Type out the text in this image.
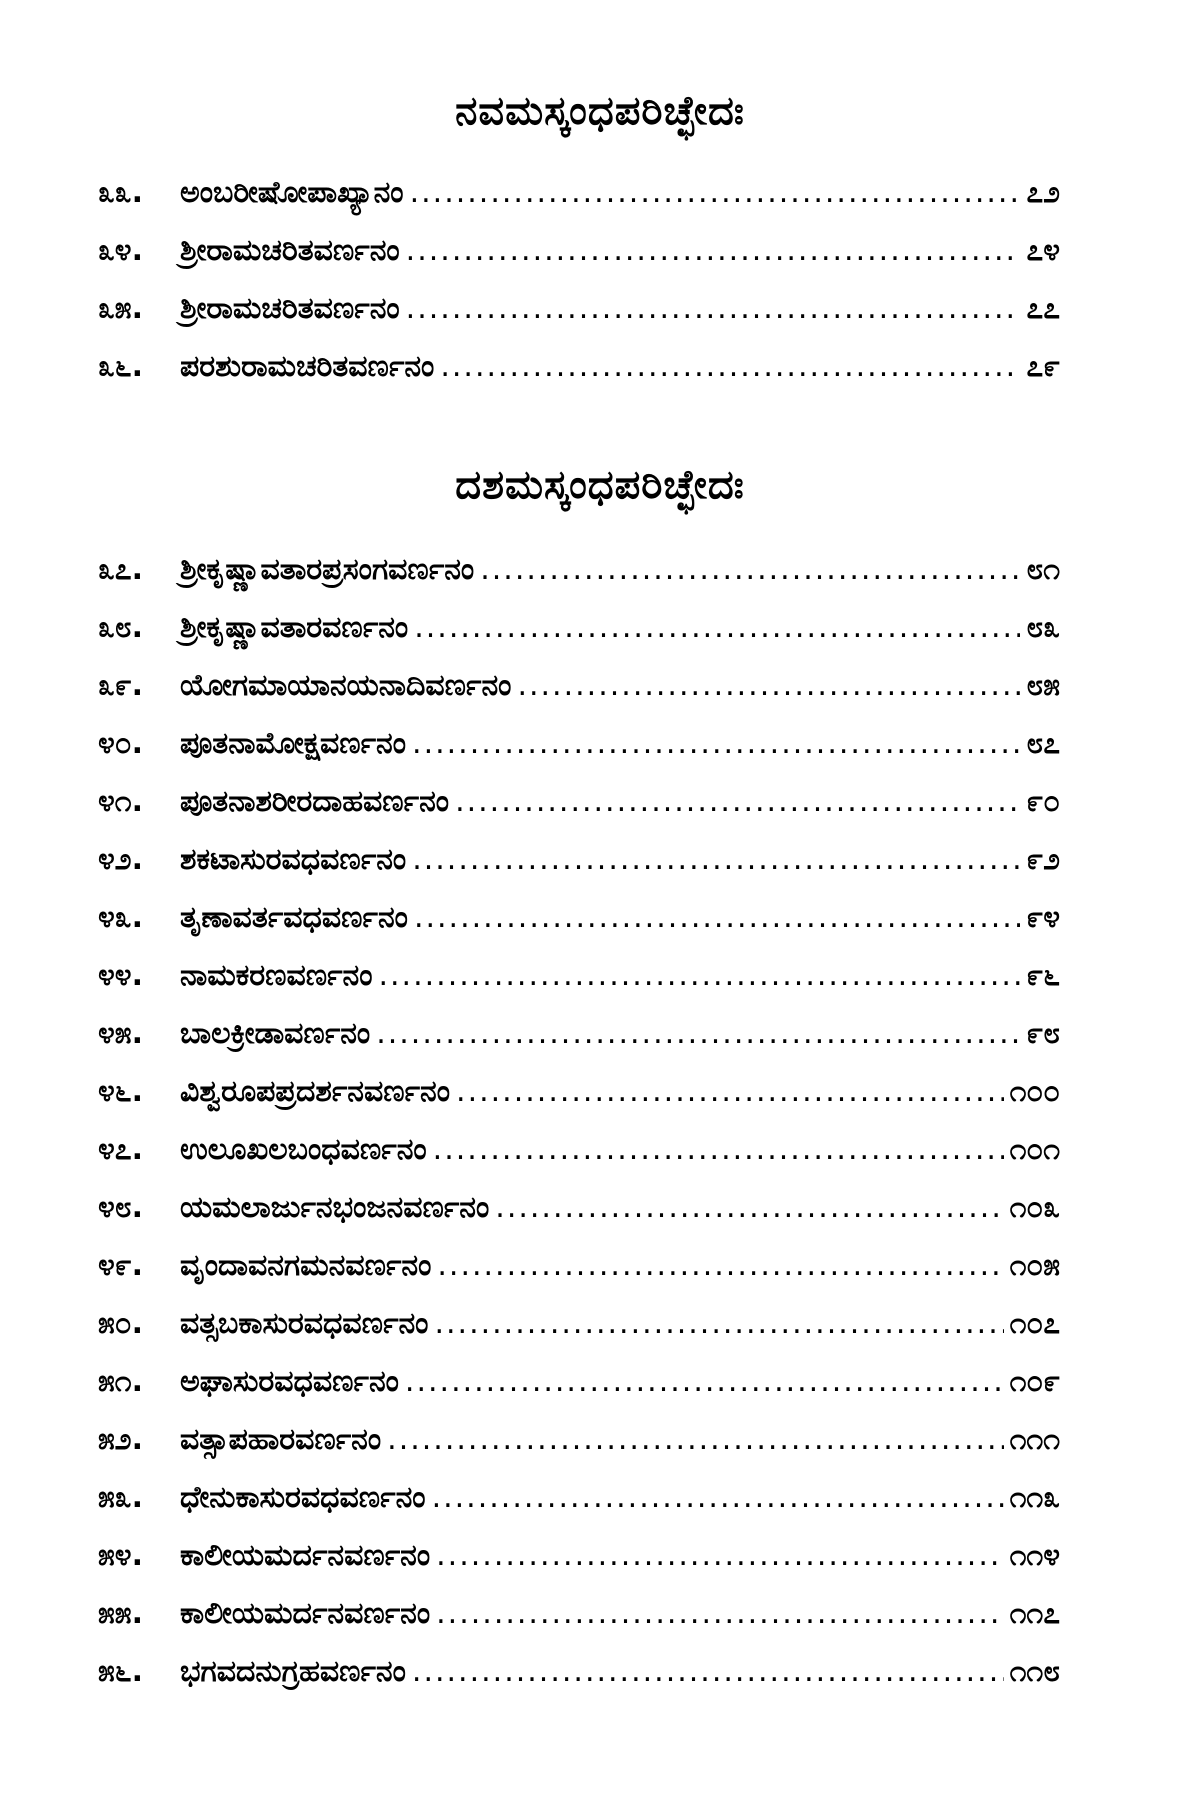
ನವಮಸ್ಕಂಧಪರಿಚ್ಛೇದಃ
೩೩.	ಅಂಬರೀಷೋಪಾಖ್ಯಾನಂ .....	೭೨
೩೪.	ಶ್ರೀರಾಮಚರಿತವರ್ಣನಂ .....	೭೪
೩೫.	ಶ್ರೀರಾಮಚರಿತವರ್ಣನಂ .....	೭೭
೩೬.	ಪರಶುರಾಮಚರಿತವರ್ಣನಂ .....	೭೯
ದಶಮಸ್ಕಂಧಪರಿಚ್ಛೇದಃ
೩೭.	ಶ್ರೀಕೃಷ್ಣಾವತಾರಪ್ರಸಂಗವರ್ಣನಂ .....	೮೧
೩೮.	ಶ್ರೀಕೃಷ್ಣಾವತಾರವರ್ಣನಂ .....	೮೩
೩೯.	ಯೋಗಮಾಯಾನಯನಾದಿವರ್ಣನಂ .....	೮೫
೪೦.	ಪೂತನಾಮೋಕ್ಷವರ್ಣನಂ .....	೮೭
೪೧.	ಪೂತನಾಶರೀರದಾಹವರ್ಣನಂ .....	೯೦
೪೨.	ಶಕಟಾಸುರವಧವರ್ಣನಂ .....	೯೨
೪೩.	ತೃಣಾವರ್ತವಧವರ್ಣನಂ .....	೯೪
೪೪.	ನಾಮಕರಣವರ್ಣನಂ .....	೯೬
೪೫.	ಬಾಲಕ್ರೀಡಾವರ್ಣನಂ .....	೯೮
೪೬.	ವಿಶ್ವರೂಪಪ್ರದರ್ಶನವರ್ಣನಂ .....	೧೦೦
೪೭.	ಉಲೂಖಲಬಂಧವರ್ಣನಂ .....	೧೦೧
೪೮.	ಯಮಲಾರ್ಜುನಭಂಜನವರ್ಣನಂ .....	೧೦೩
೪೯.	ವೃಂದಾವನಗಮನವರ್ಣನಂ .....	೧೦೫
೫೦.	ವತ್ಸಬಕಾಸುರವಧವರ್ಣನಂ .....	೧೦೭
೫೧.	ಅಘಾಸುರವಧವರ್ಣನಂ .....	೧೦೯
೫೨.	ವತ್ಸಾಪಹಾರವರ್ಣನಂ .....	೧೧೧
೫೩.	ಧೇನುಕಾಸುರವಧವರ್ಣನಂ .....	೧೧೩
೫೪.	ಕಾಲೀಯಮರ್ದನವರ್ಣನಂ .....	೧೧೪
೫೫.	ಕಾಲೀಯಮರ್ದನವರ್ಣನಂ .....	೧೧೭
೫೬.	ಭಗವದನುಗ್ರಹವರ್ಣನಂ .....	೧೧೮
